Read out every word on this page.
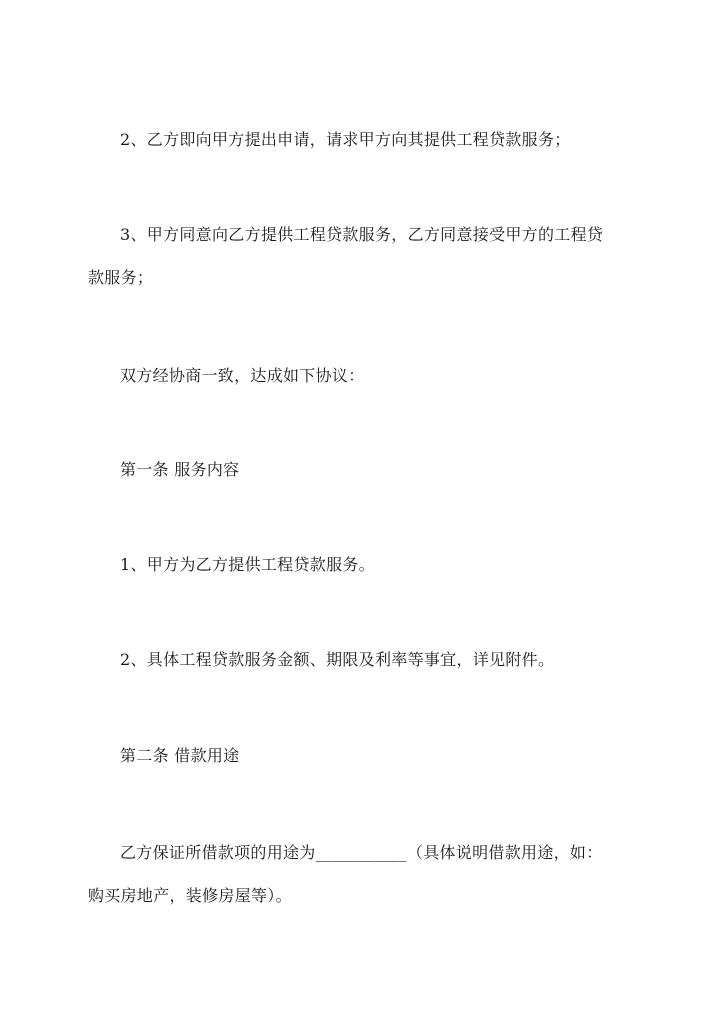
2、乙方即向甲方提出申请，请求甲方向其提供工程贷款服务；
3、甲方同意向乙方提供工程贷款服务，乙方同意接受甲方的工程贷
款服务；
双方经协商一致，达成如下协议：
第一条 服务内容
1、甲方为乙方提供工程贷款服务。
2、具体工程贷款服务金额、期限及利率等事宜，详见附件。
第二条 借款用途
乙方保证所借款项的用途为___________（具体说明借款用途，如：
购买房地产，装修房屋等）。
